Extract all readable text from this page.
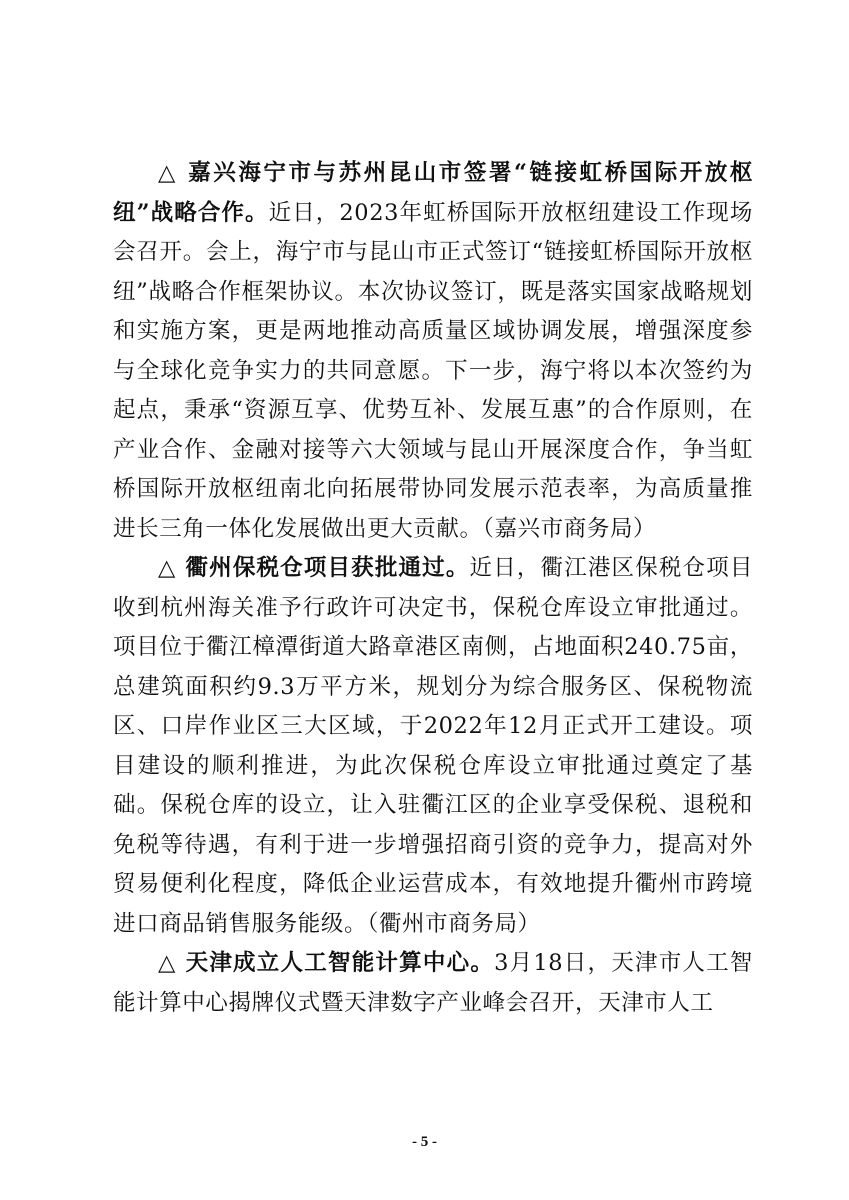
△ 嘉兴海宁市与苏州昆山市签署“链接虹桥国际开放枢纽”战略合作。近日，2023年虹桥国际开放枢纽建设工作现场会召开。会上，海宁市与昆山市正式签订“链接虹桥国际开放枢纽”战略合作框架协议。本次协议签订，既是落实国家战略规划和实施方案，更是两地推动高质量区域协调发展，增强深度参与全球化竞争实力的共同意愿。下一步，海宁将以本次签约为起点，秉承“资源互享、优势互补、发展互惠”的合作原则，在产业合作、金融对接等六大领域与昆山开展深度合作，争当虹桥国际开放枢纽南北向拓展带协同发展示范表率，为高质量推进长三角一体化发展做出更大贡献。（嘉兴市商务局）

△ 衢州保税仓项目获批通过。近日，衢江港区保税仓项目收到杭州海关准予行政许可决定书，保税仓库设立审批通过。项目位于衢江樟潭街道大路章港区南侧，占地面积240.75亩，总建筑面积约9.3万平方米，规划分为综合服务区、保税物流区、口岸作业区三大区域，于2022年12月正式开工建设。项目建设的顺利推进，为此次保税仓库设立审批通过奠定了基础。保税仓库的设立，让入驻衢江区的企业享受保税、退税和免税等待遇，有利于进一步增强招商引资的竞争力，提高对外贸易便利化程度，降低企业运营成本，有效地提升衢州市跨境进口商品销售服务能级。（衢州市商务局）

△ 天津成立人工智能计算中心。3月18日，天津市人工智能计算中心揭牌仪式暨天津数字产业峰会召开，天津市人工

- 5 -
